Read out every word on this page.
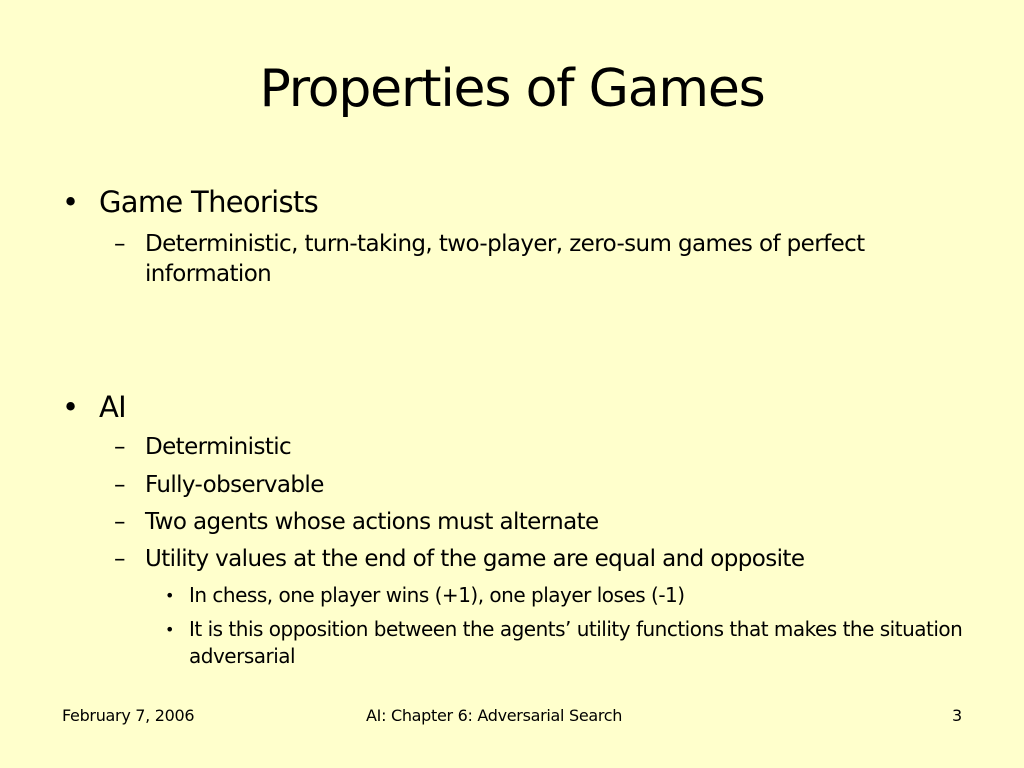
Properties of Games
• Game Theorists
– Deterministic, turn-taking, two-player, zero-sum games of perfect information
• AI
– Deterministic
– Fully-observable
– Two agents whose actions must alternate
– Utility values at the end of the game are equal and opposite
• In chess, one player wins (+1), one player loses (-1)
• It is this opposition between the agents’ utility functions that makes the situation adversarial
February 7, 2006	AI: Chapter 6: Adversarial Search	3
